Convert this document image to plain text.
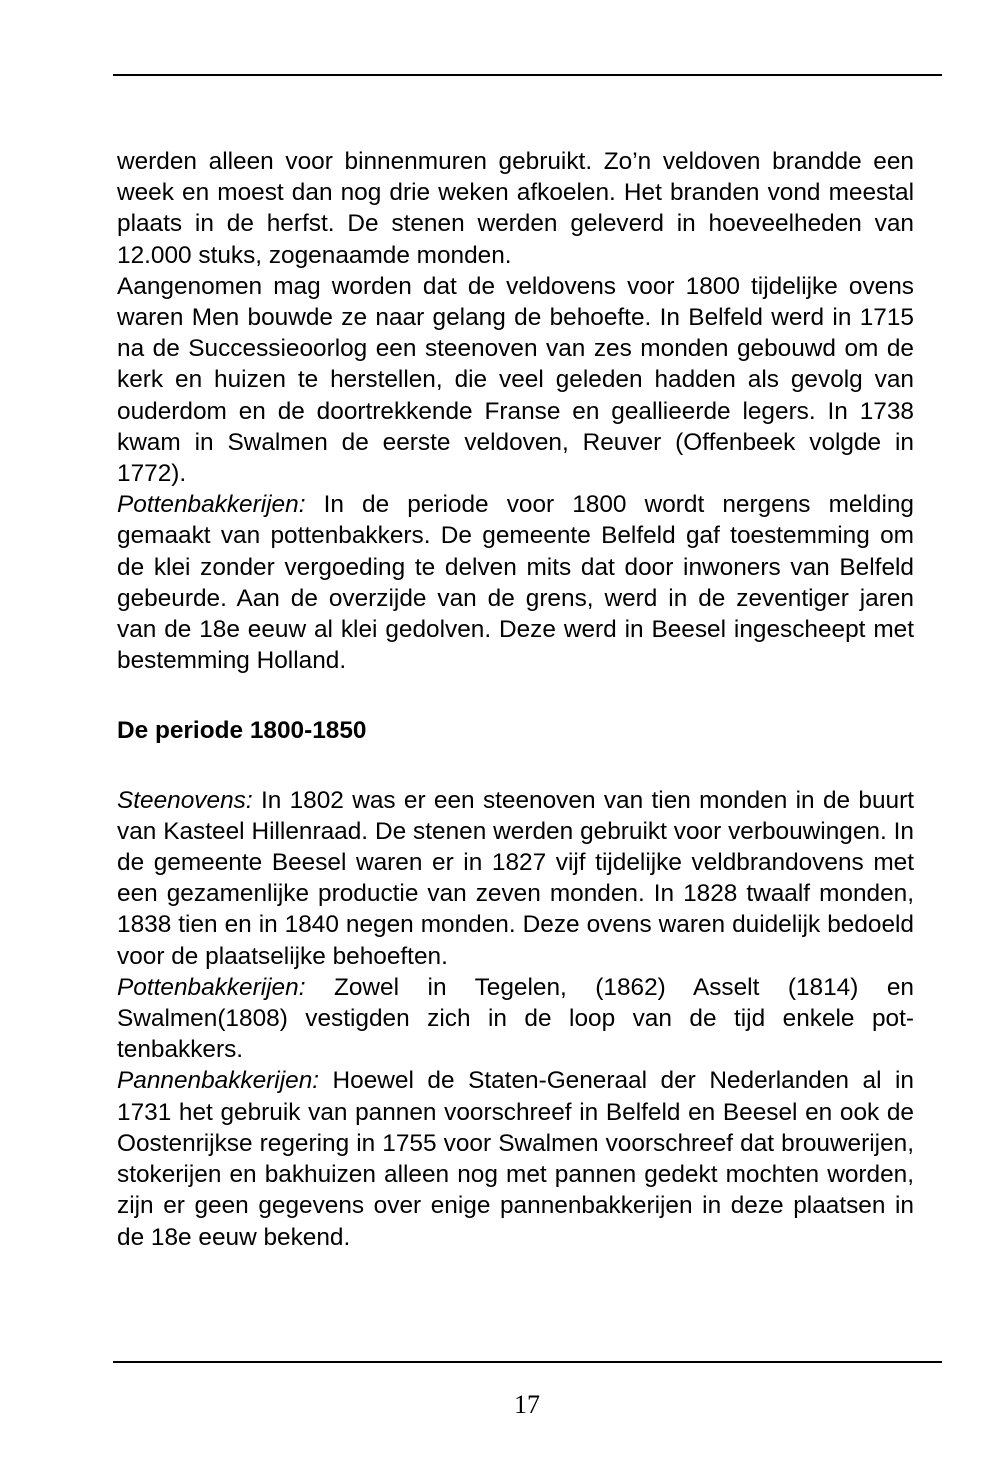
werden alleen voor binnenmuren gebruikt. Zo’n veldoven brandde een week en moest dan nog drie weken afkoelen. Het branden vond meestal plaats in de herfst. De stenen werden geleverd in hoeveelheden van 12.000 stuks, zogenaamde monden.

Aangenomen mag worden dat de veldovens voor 1800 tijdelijke ovens waren Men bouwde ze naar gelang de behoefte. In Belfeld werd in 1715 na de Successieoorlog een steenoven van zes monden gebouwd om de kerk en huizen te herstellen, die veel geleden hadden als gevolg van ouderdom en de doortrekkende Franse en geallieerde legers. In 1738 kwam in Swalmen de eerste veldoven, Reuver (Offenbeek volgde in 1772).

Pottenbakkerijen: In de periode voor 1800 wordt nergens melding gemaakt van pottenbakkers. De gemeente Belfeld gaf toestemming om de klei zonder vergoeding te delven mits dat door inwoners van Belfeld gebeurde. Aan de overzijde van de grens, werd in de zeventiger jaren van de 18e eeuw al klei gedolven. Deze werd in Beesel ingescheept met bestemming Holland.

De periode 1800-1850

Steenovens: In 1802 was er een steenoven van tien monden in de buurt van Kasteel Hillenraad. De stenen werden gebruikt voor verbouwingen. In de gemeente Beesel waren er in 1827 vijf tijdelijke veldbrandovens met een gezamenlijke productie van zeven monden. In 1828 twaalf monden, 1838 tien en in 1840 negen monden. Deze ovens waren duidelijk bedoeld voor de plaatselijke behoeften.

Pottenbakkerijen: Zowel in Tegelen, (1862) Asselt (1814) en Swalmen(1808) vestigden zich in de loop van de tijd enkele pottenbakkers.

Pannenbakkerijen: Hoewel de Staten-Generaal der Nederlanden al in 1731 het gebruik van pannen voorschreef in Belfeld en Beesel en ook de Oostenrijkse regering in 1755 voor Swalmen voorschreef dat brouwerijen, stokerijen en bakhuizen alleen nog met pannen gedekt mochten worden, zijn er geen gegevens over enige pannenbakkerijen in deze plaatsen in de 18e eeuw bekend.

17
